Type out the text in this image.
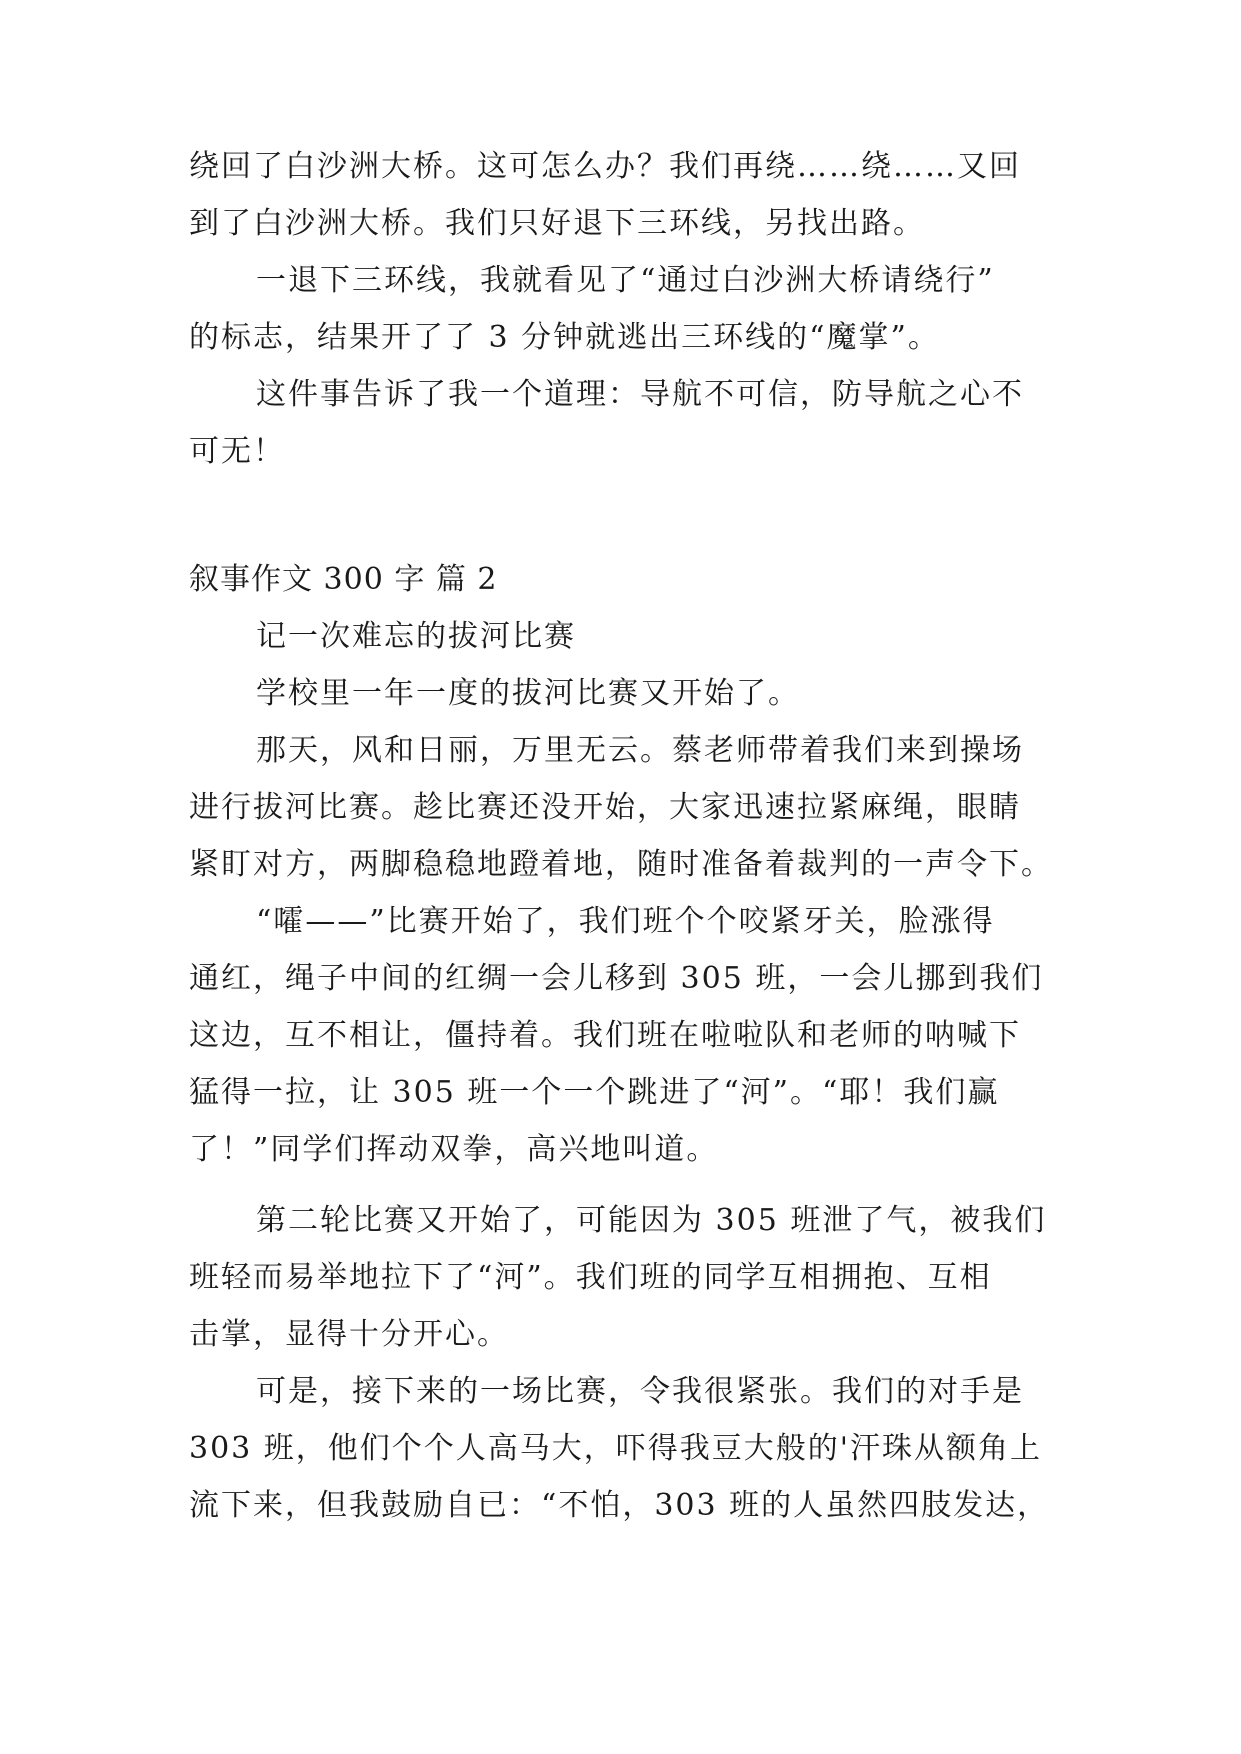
绕回了白沙洲大桥。这可怎么办？我们再绕……绕……又回
到了白沙洲大桥。我们只好退下三环线，另找出路。
一退下三环线，我就看见了“通过白沙洲大桥请绕行”
的标志，结果开了了 3 分钟就逃出三环线的“魔掌”。
这件事告诉了我一个道理：导航不可信，防导航之心不
可无！
叙事作文 300 字 篇 2
记一次难忘的拔河比赛
学校里一年一度的拔河比赛又开始了。
那天，风和日丽，万里无云。蔡老师带着我们来到操场
进行拔河比赛。趁比赛还没开始，大家迅速拉紧麻绳，眼睛
紧盯对方，两脚稳稳地蹬着地，随时准备着裁判的一声令下。
“嚯——”比赛开始了，我们班个个咬紧牙关，脸涨得
通红，绳子中间的红绸一会儿移到 305 班，一会儿挪到我们
这边，互不相让，僵持着。我们班在啦啦队和老师的呐喊下
猛得一拉，让 305 班一个一个跳进了“河”。“耶！我们赢
了！”同学们挥动双拳，高兴地叫道。
第二轮比赛又开始了，可能因为 305 班泄了气，被我们
班轻而易举地拉下了“河”。我们班的同学互相拥抱、互相
击掌，显得十分开心。
可是，接下来的一场比赛，令我很紧张。我们的对手是
303 班，他们个个人高马大，吓得我豆大般的'汗珠从额角上
流下来，但我鼓励自已：“不怕，303 班的人虽然四肢发达，
